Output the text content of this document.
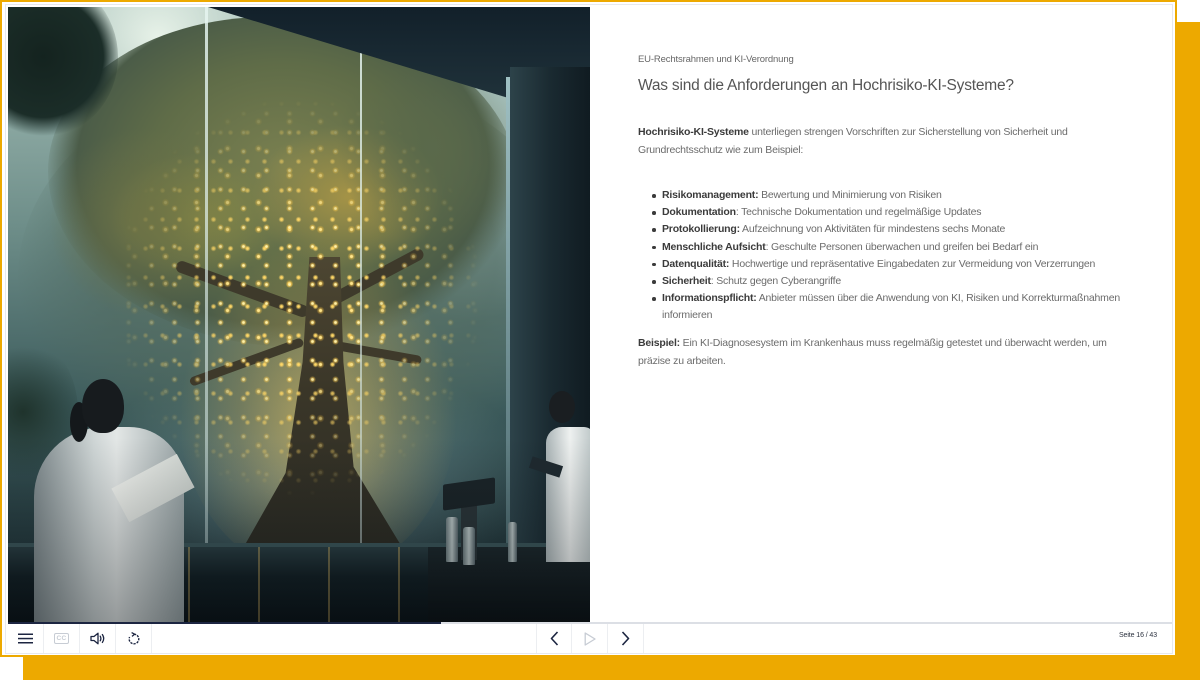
EU-Rechtsrahmen und KI-Verordnung
Was sind die Anforderungen an Hochrisiko-KI-Systeme?

Hochrisiko-KI-Systeme unterliegen strengen Vorschriften zur Sicherstellung von Sicherheit und Grundrechtsschutz wie zum Beispiel:

Risikomanagement: Bewertung und Minimierung von Risiken
Dokumentation: Technische Dokumentation und regelmäßige Updates
Protokollierung: Aufzeichnung von Aktivitäten für mindestens sechs Monate
Menschliche Aufsicht: Geschulte Personen überwachen und greifen bei Bedarf ein
Datenqualität: Hochwertige und repräsentative Eingabedaten zur Vermeidung von Verzerrungen
Sicherheit: Schutz gegen Cyberangriffe
Informationspflicht: Anbieter müssen über die Anwendung von KI, Risiken und Korrekturmaßnahmen informieren

Beispiel: Ein KI-Diagnosesystem im Krankenhaus muss regelmäßig getestet und überwacht werden, um präzise zu arbeiten.

CC	Seite 16 / 43
